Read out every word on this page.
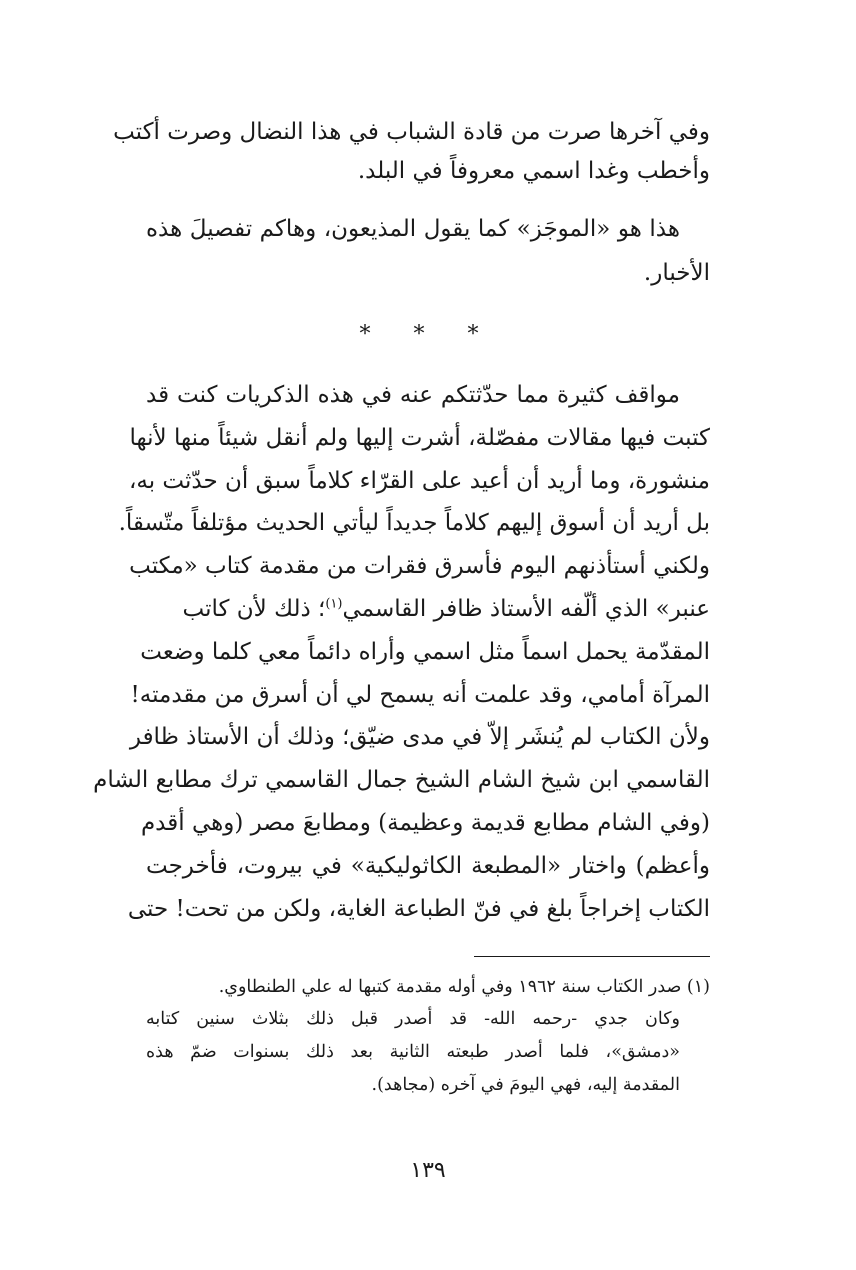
وفي آخرها صرت من قادة الشباب في هذا النضال وصرت أكتب
وأخطب وغدا اسمي معروفاً في البلد.
هذا هو «الموجَز» كما يقول المذيعون، وهاكم تفصيلَ هذه
الأخبار.
* * *
مواقف كثيرة مما حدّثتكم عنه في هذه الذكريات كنت قد
كتبت فيها مقالات مفصّلة، أشرت إليها ولم أنقل شيئاً منها لأنها
منشورة، وما أريد أن أعيد على القرّاء كلاماً سبق أن حدّثت به،
بل أريد أن أسوق إليهم كلاماً جديداً ليأتي الحديث مؤتلفاً متّسقاً.
ولكني أستأذنهم اليوم فأسرق فقرات من مقدمة كتاب «مكتب
عنبر» الذي ألّفه الأستاذ ظافر القاسمي$^{(١)}$؛ ذلك لأن كاتب
المقدّمة يحمل اسماً مثل اسمي وأراه دائماً معي كلما وضعت
المرآة أمامي، وقد علمت أنه يسمح لي أن أسرق من مقدمته!
ولأن الكتاب لم يُنشَر إلاّ في مدى ضيّق؛ وذلك أن الأستاذ ظافر
القاسمي ابن شيخ الشام الشيخ جمال القاسمي ترك مطابع الشام
(وفي الشام مطابع قديمة وعظيمة) ومطابعَ مصر (وهي أقدم
وأعظم) واختار «المطبعة الكاثوليكية» في بيروت، فأخرجت
الكتاب إخراجاً بلغ في فنّ الطباعة الغاية، ولكن من تحت! حتى
(١) صدر الكتاب سنة ١٩٦٢ وفي أوله مقدمة كتبها له علي الطنطاوي.
وكان جدي -رحمه الله- قد أصدر قبل ذلك بثلاث سنين كتابه
«دمشق»، فلما أصدر طبعته الثانية بعد ذلك بسنوات ضمّ هذه
المقدمة إليه، فهي اليومَ في آخره (مجاهد).
١٣٩
